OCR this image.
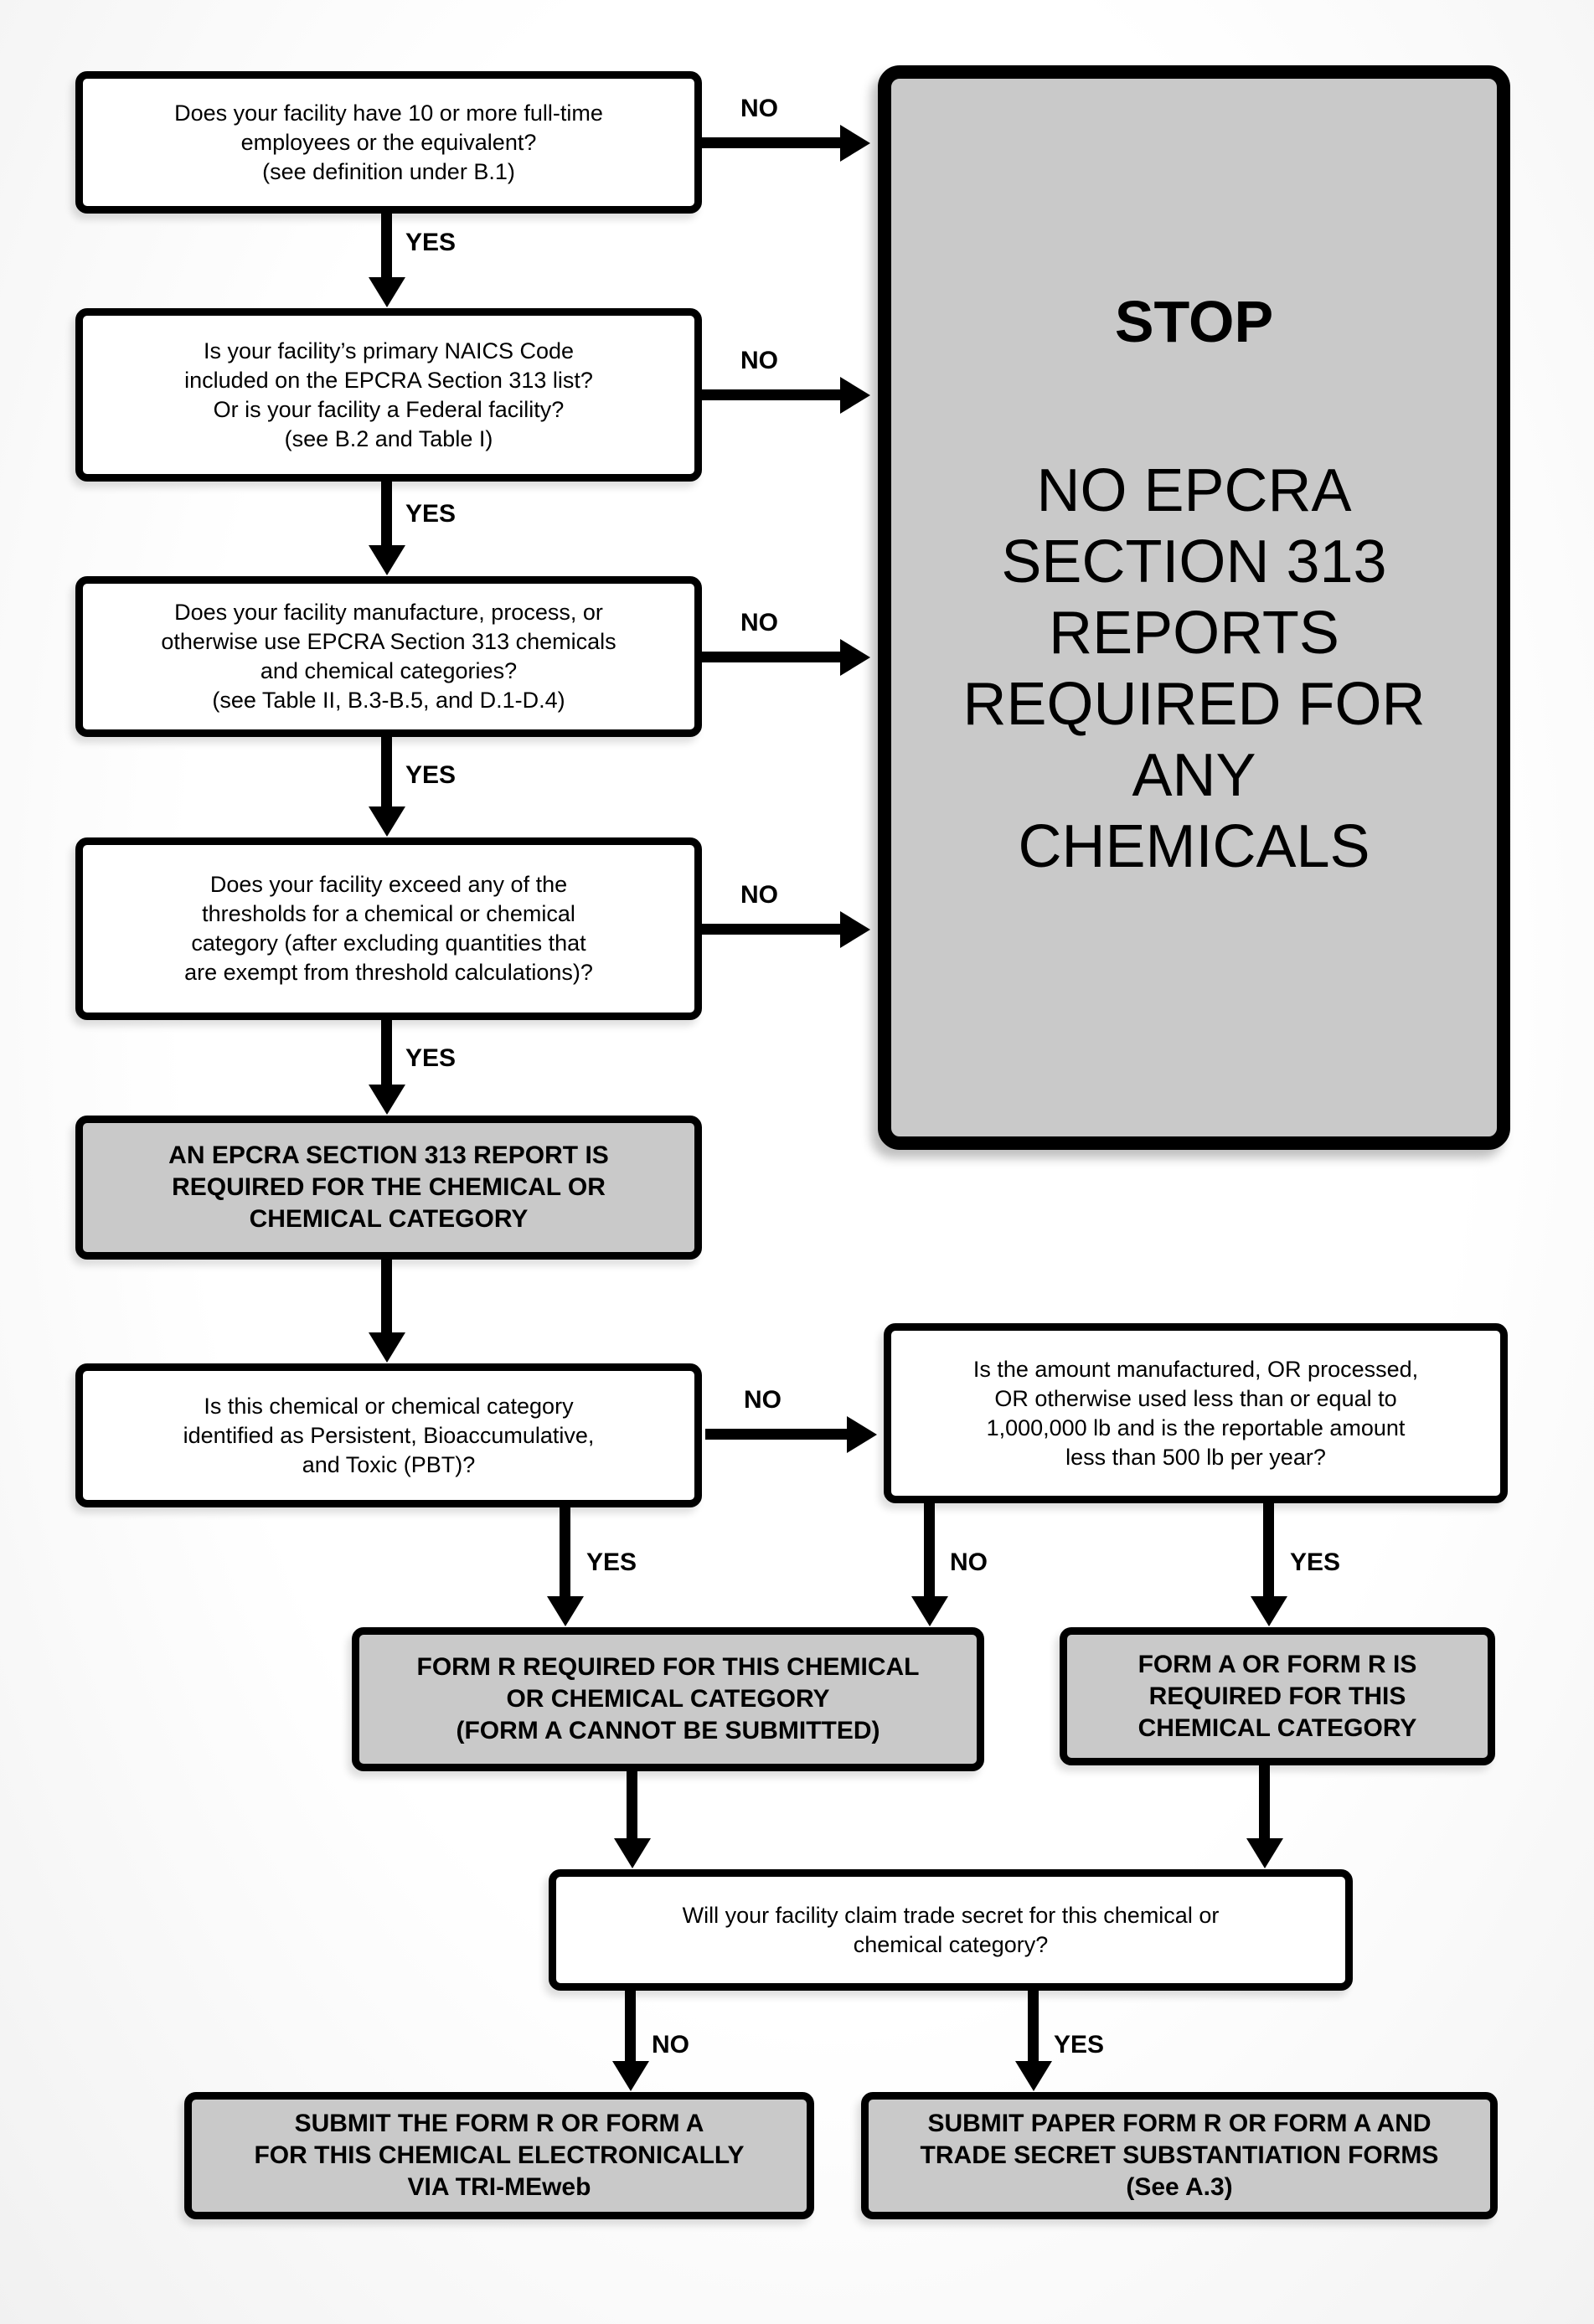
Does your facility have 10 or more full-time
employees or the equivalent?
(see definition under B.1)
Is your facility’s primary NAICS Code
included on the EPCRA Section 313 list?
Or is your facility a Federal facility?
(see B.2 and Table I)
Does your facility manufacture, process, or
otherwise use EPCRA Section 313 chemicals
and chemical categories?
(see Table II, B.3-B.5, and D.1-D.4)
Does your facility exceed any of the
thresholds for a chemical or chemical
category (after excluding quantities that
are exempt from threshold calculations)?
STOP
NO EPCRA
SECTION 313
REPORTS
REQUIRED FOR
ANY
CHEMICALS
AN EPCRA SECTION 313 REPORT IS
REQUIRED FOR THE CHEMICAL OR
CHEMICAL CATEGORY
Is this chemical or chemical category
identified as Persistent, Bioaccumulative,
and Toxic (PBT)?
Is the amount manufactured, OR processed,
OR otherwise used less than or equal to
1,000,000 lb and is the reportable amount
less than 500 lb per year?
FORM R REQUIRED FOR THIS CHEMICAL
OR CHEMICAL CATEGORY
(FORM A CANNOT BE SUBMITTED)
FORM A OR FORM R IS
REQUIRED FOR THIS
CHEMICAL CATEGORY
Will your facility claim trade secret for this chemical or
chemical category?
SUBMIT THE FORM R OR FORM A
FOR THIS CHEMICAL ELECTRONICALLY
VIA TRI-MEweb
SUBMIT PAPER FORM R OR FORM A AND
TRADE SECRET SUBSTANTIATION FORMS
(See A.3)
YES
YES
YES
YES
YES	NO	YES
NO	YES
NO
NO
NO
NO
NO
